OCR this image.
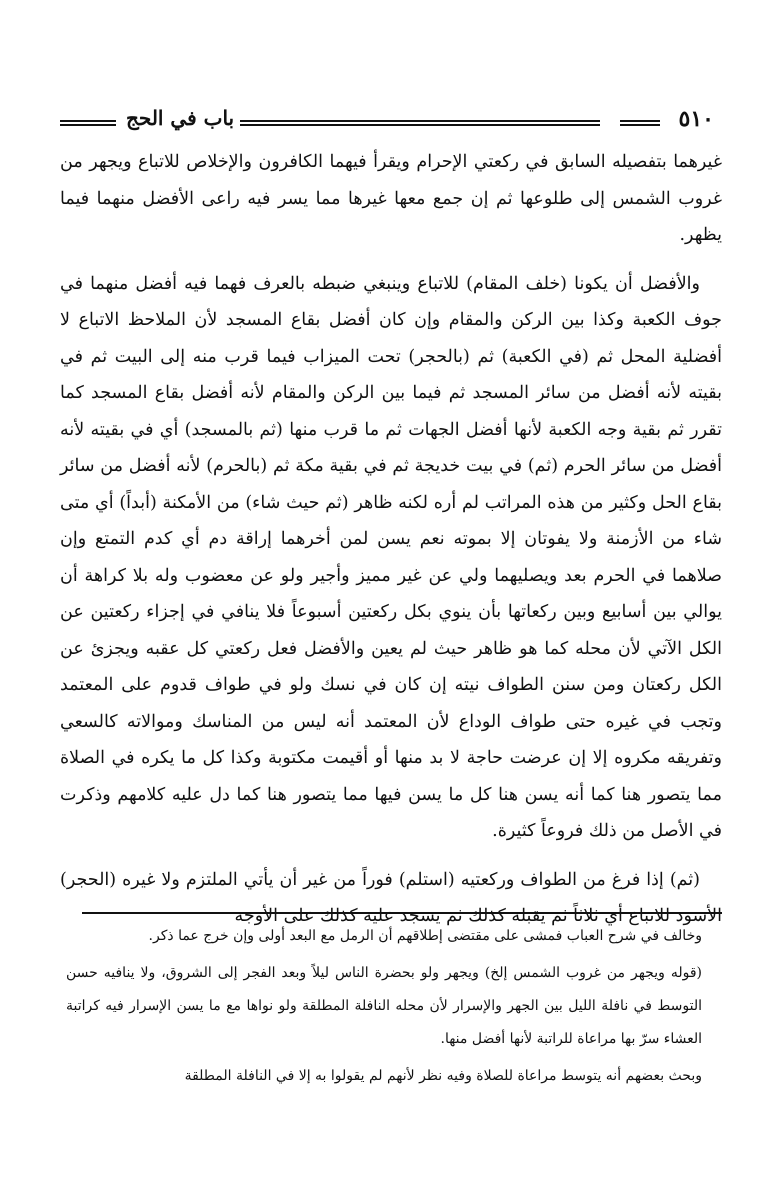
باب في الحج	٥١٠

غيرهما بتفصيله السابق في ركعتي الإحرام ويقرأ فيهما الكافرون والإخلاص للاتباع ويجهر من غروب الشمس إلى طلوعها ثم إن جمع معها غيرها مما يسر فيه راعى الأفضل منهما فيما يظهر.

والأفضل أن يكونا (خلف المقام) للاتباع وينبغي ضبطه بالعرف فهما فيه أفضل منهما في جوف الكعبة وكذا بين الركن والمقام وإن كان أفضل بقاع المسجد لأن الملاحظ الاتباع لا أفضلية المحل ثم (في الكعبة) ثم (بالحجر) تحت الميزاب فيما قرب منه إلى البيت ثم في بقيته لأنه أفضل من سائر المسجد ثم فيما بين الركن والمقام لأنه أفضل بقاع المسجد كما تقرر ثم بقية وجه الكعبة لأنها أفضل الجهات ثم ما قرب منها (ثم بالمسجد) أي في بقيته لأنه أفضل من سائر الحرم (ثم) في بيت خديجة ثم في بقية مكة ثم (بالحرم) لأنه أفضل من سائر بقاع الحل وكثير من هذه المراتب لم أره لكنه ظاهر (ثم حيث شاء) من الأمكنة (أبداً) أي متى شاء من الأزمنة ولا يفوتان إلا بموته نعم يسن لمن أخرهما إراقة دم أي كدم التمتع وإن صلاهما في الحرم بعد ويصليهما ولي عن غير مميز وأجير ولو عن معضوب وله بلا كراهة أن يوالي بين أسابيع وبين ركعاتها بأن ينوي بكل ركعتين أسبوعاً فلا ينافي في إجزاء ركعتين عن الكل الآتي لأن محله كما هو ظاهر حيث لم يعين والأفضل فعل ركعتي كل عقبه ويجزئ عن الكل ركعتان ومن سنن الطواف نيته إن كان في نسك ولو في طواف قدوم على المعتمد وتجب في غيره حتى طواف الوداع لأن المعتمد أنه ليس من المناسك وموالاته كالسعي وتفريقه مكروه إلا إن عرضت حاجة لا بد منها أو أقيمت مكتوبة وكذا كل ما يكره في الصلاة مما يتصور هنا كما أنه يسن هنا كل ما يسن فيها مما يتصور هنا كما دل عليه كلامهم وذكرت في الأصل من ذلك فروعاً كثيرة.

(ثم) إذا فرغ من الطواف وركعتيه (استلم) فوراً من غير أن يأتي الملتزم ولا غيره (الحجر) الأسود للاتباع أي ثلاثاً ثم يقبله كذلك ثم يسجد عليه كذلك على الأوجه

وخالف في شرح العباب فمشى على مقتضى إطلاقهم أن الرمل مع البعد أولى وإن خرج عما ذكر.

(قوله ويجهر من غروب الشمس إلخ) ويجهر ولو بحضرة الناس ليلاً وبعد الفجر إلى الشروق، ولا ينافيه حسن التوسط في نافلة الليل بين الجهر والإسرار لأن محله النافلة المطلقة ولو نواها مع ما يسن الإسرار فيه كراتبة العشاء سرّ بها مراعاة للراتبة لأنها أفضل منها.

وبحث بعضهم أنه يتوسط مراعاة للصلاة وفيه نظر لأنهم لم يقولوا به إلا في النافلة المطلقة
